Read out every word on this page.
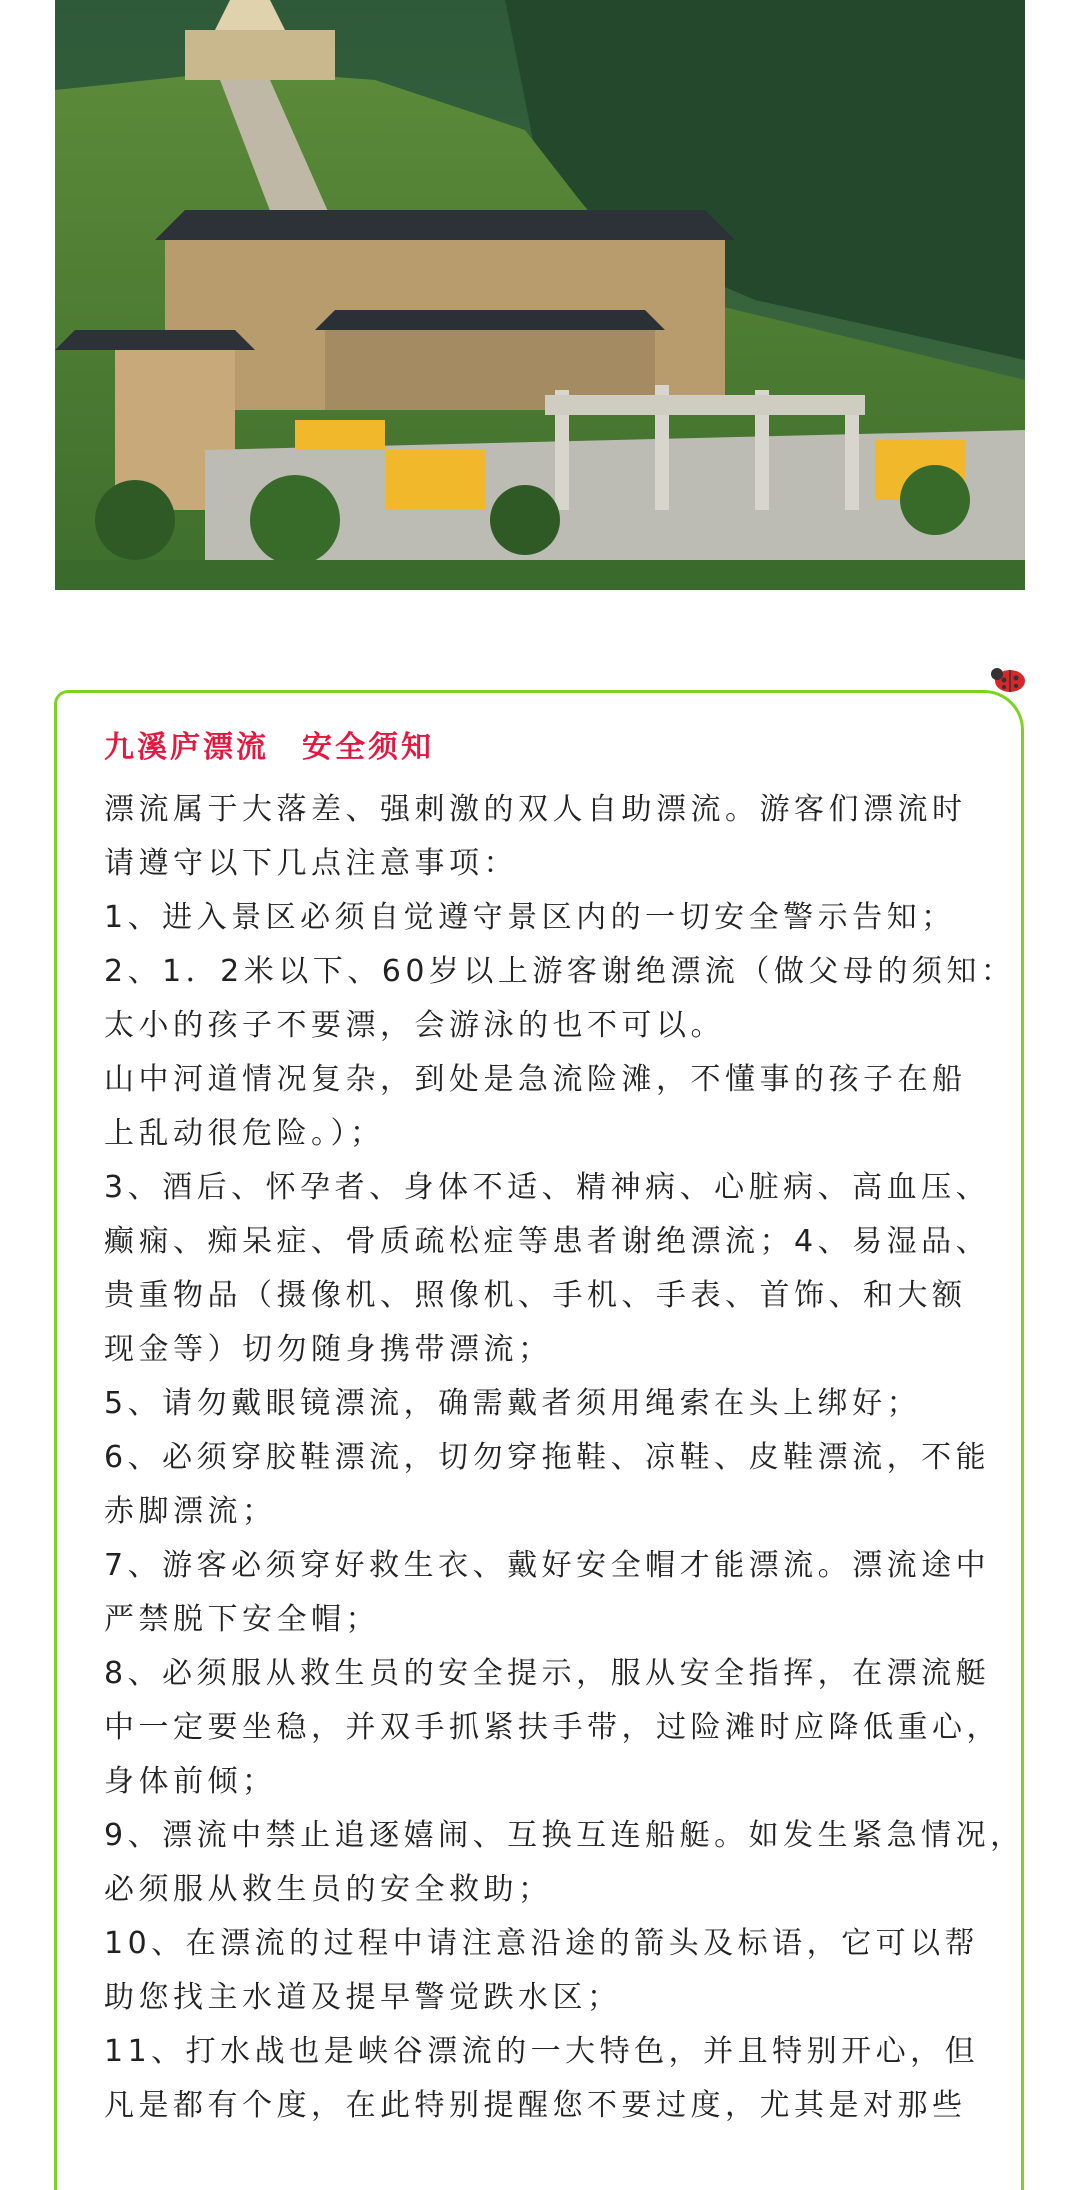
九溪庐漂流　安全须知

漂流属于大落差、强刺激的双人自助漂流。游客们漂流时

请遵守以下几点注意事项：

1、进入景区必须自觉遵守景区内的一切安全警示告知；

2、1．2米以下、60岁以上游客谢绝漂流（做父母的须知：

太小的孩子不要漂，会游泳的也不可以。

山中河道情况复杂，到处是急流险滩，不懂事的孩子在船

上乱动很危险。）；

3、酒后、怀孕者、身体不适、精神病、心脏病、高血压、

癫痫、痴呆症、骨质疏松症等患者谢绝漂流；4、易湿品、

贵重物品（摄像机、照像机、手机、手表、首饰、和大额

现金等）切勿随身携带漂流；

5、请勿戴眼镜漂流，确需戴者须用绳索在头上绑好；

6、必须穿胶鞋漂流，切勿穿拖鞋、凉鞋、皮鞋漂流，不能

赤脚漂流；

7、游客必须穿好救生衣、戴好安全帽才能漂流。漂流途中

严禁脱下安全帽；

8、必须服从救生员的安全提示，服从安全指挥，在漂流艇

中一定要坐稳，并双手抓紧扶手带，过险滩时应降低重心，

身体前倾；

9、漂流中禁止追逐嬉闹、互换互连船艇。如发生紧急情况，

必须服从救生员的安全救助；

10、在漂流的过程中请注意沿途的箭头及标语，它可以帮

助您找主水道及提早警觉跌水区；

11、打水战也是峡谷漂流的一大特色，并且特别开心，但

凡是都有个度，在此特别提醒您不要过度，尤其是对那些
